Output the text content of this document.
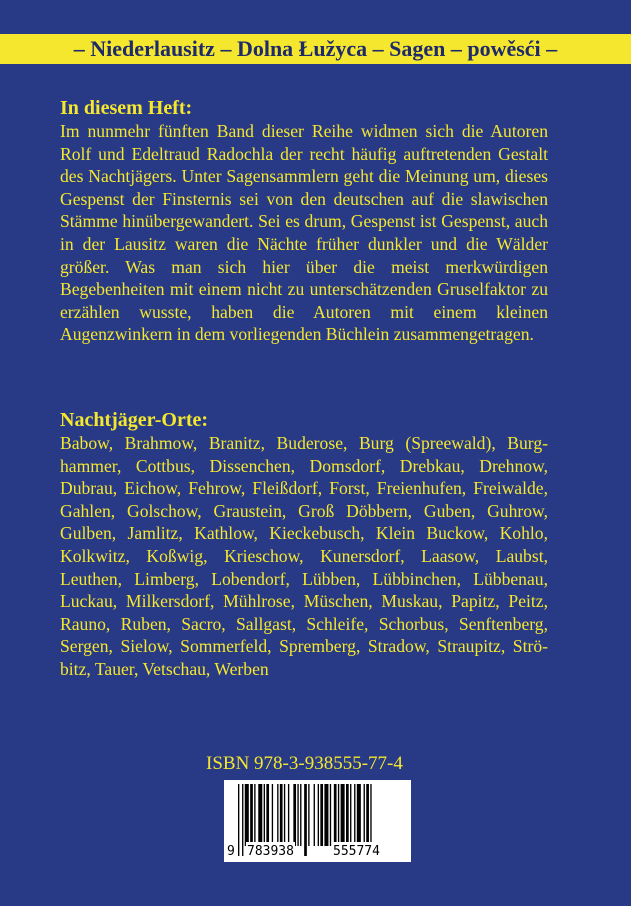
– Niederlausitz – Dolna Łužyca – Sagen – powěsći –

In diesem Heft:

Im nunmehr fünften Band dieser Reihe widmen sich die Autoren Rolf und Edeltraud Radochla der recht häufig auftretenden Gestalt des Nachtjägers. Unter Sagensammlern geht die Meinung um, dieses Gespenst der Finsternis sei von den deutschen auf die slawischen Stämme hinübergewandert. Sei es drum, Gespenst ist Gespenst, auch in der Lausitz waren die Nächte früher dunkler und die Wälder größer. Was man sich hier über die meist merkwürdigen Begebenheiten mit einem nicht zu unterschätzenden Gruselfaktor zu erzählen wusste, haben die Autoren mit einem kleinen Augenzwinkern in dem vorliegenden Büchlein zusammengetragen.

Nachtjäger-Orte:

Babow, Brahmow, Branitz, Buderose, Burg (Spreewald), Burghammer, Cottbus, Dissenchen, Domsdorf, Drebkau, Drehnow, Dubrau, Eichow, Fehrow, Fleißdorf, Forst, Freienhufen, Freiwalde, Gahlen, Golschow, Graustein, Groß Döbbern, Guben, Guhrow, Gulben, Jamlitz, Kathlow, Kieckebusch, Klein Buckow, Kohlo, Kolkwitz, Koßwig, Krieschow, Kunersdorf, Laasow, Laubst, Leuthen, Limberg, Lobendorf, Lübben, Lübbinchen, Lübbenau, Luckau, Milkersdorf, Mühlrose, Müschen, Muskau, Papitz, Peitz, Rauno, Ruben, Sacro, Sallgast, Schleife, Schorbus, Senftenberg, Sergen, Sielow, Sommerfeld, Spremberg, Stradow, Straupitz, Ströbitz, Tauer, Vetschau, Werben

ISBN 978-3-938555-77-4
9 783938	555774
